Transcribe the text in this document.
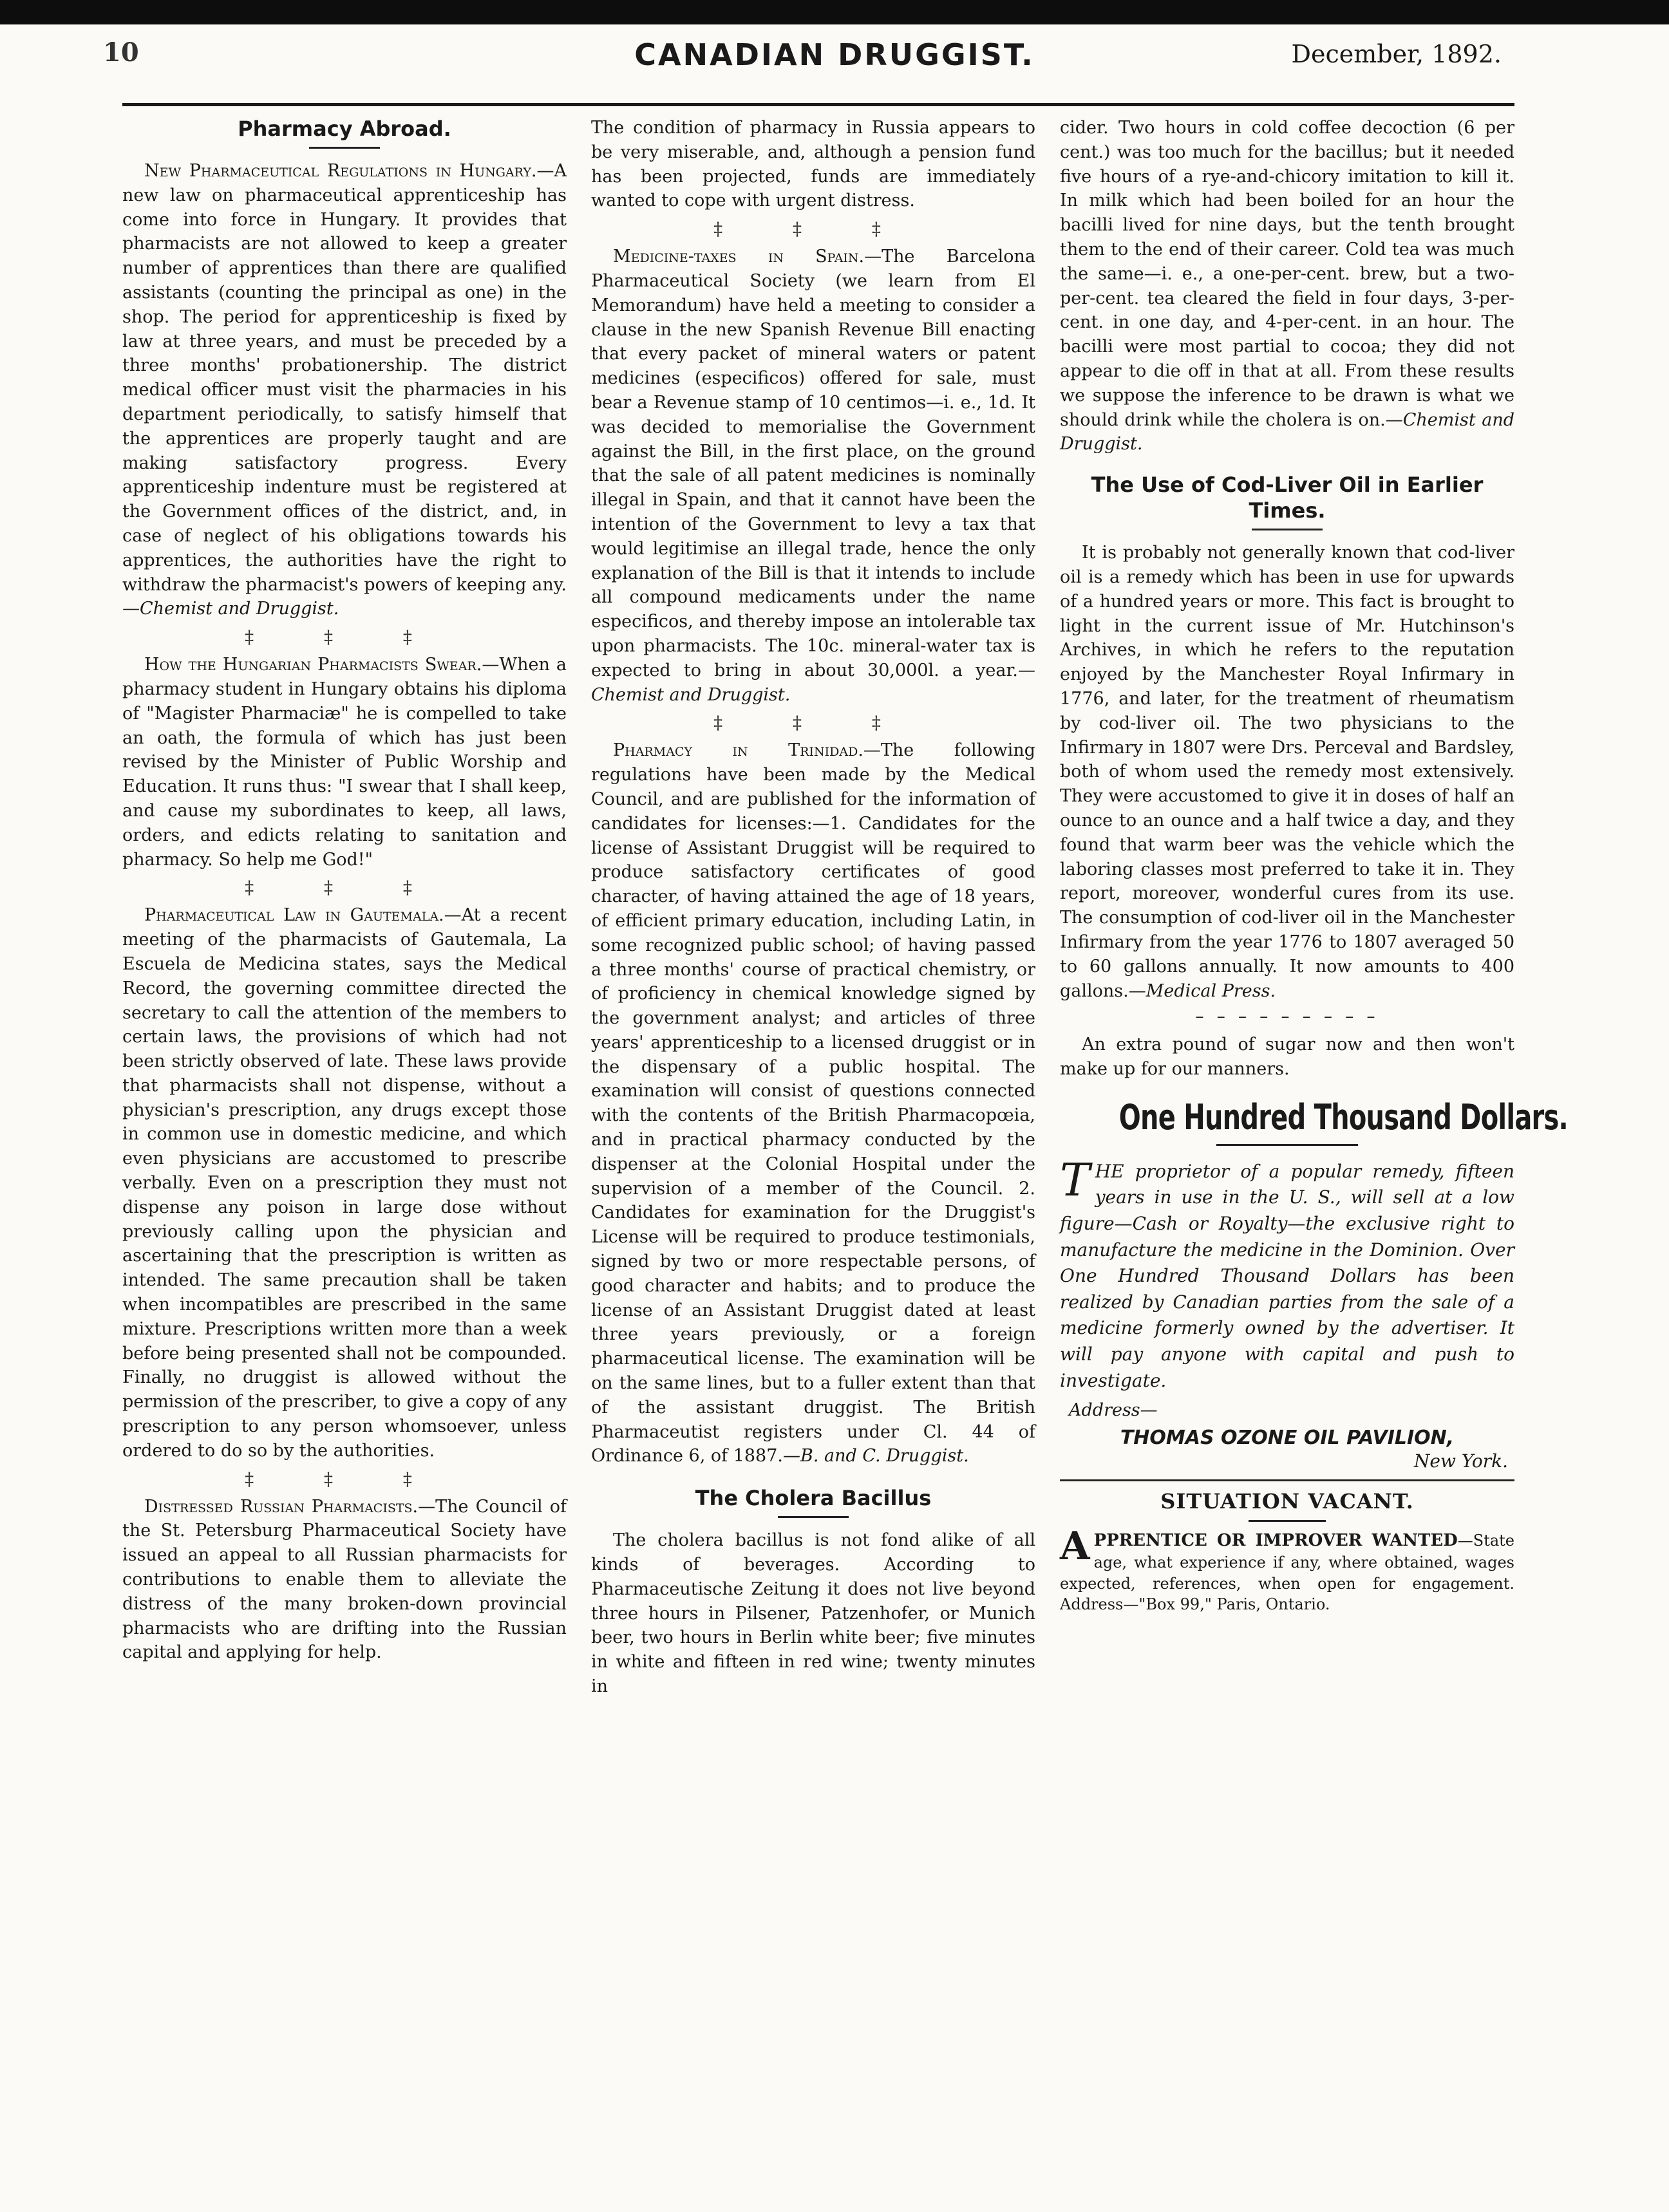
10	CANADIAN DRUGGIST.	December, 1892.
Pharmacy Abroad.

New Pharmaceutical Regulations in Hungary.—A new law on pharmaceutical apprenticeship has come into force in Hungary. It provides that pharmacists are not allowed to keep a greater number of apprentices than there are qualified assistants (counting the principal as one) in the shop. The period for apprenticeship is fixed by law at three years, and must be preceded by a three months' probationership. The district medical officer must visit the pharmacies in his department periodically, to satisfy himself that the apprentices are properly taught and are making satisfactory progress. Every apprenticeship indenture must be registered at the Government offices of the district, and, in case of neglect of his obligations towards his apprentices, the authorities have the right to withdraw the pharmacist's powers of keeping any.—Chemist and Druggist.

‡ ‡ ‡

How the Hungarian Pharmacists Swear.—When a pharmacy student in Hungary obtains his diploma of "Magister Pharmaciæ" he is compelled to take an oath, the formula of which has just been revised by the Minister of Public Worship and Education. It runs thus: "I swear that I shall keep, and cause my subordinates to keep, all laws, orders, and edicts relating to sanitation and pharmacy. So help me God!"

‡ ‡ ‡

Pharmaceutical Law in Gautemala.—At a recent meeting of the pharmacists of Gautemala, La Escuela de Medicina states, says the Medical Record, the governing committee directed the secretary to call the attention of the members to certain laws, the provisions of which had not been strictly observed of late. These laws provide that pharmacists shall not dispense, without a physician's prescription, any drugs except those in common use in domestic medicine, and which even physicians are accustomed to prescribe verbally. Even on a prescription they must not dispense any poison in large dose without previously calling upon the physician and ascertaining that the prescription is written as intended. The same precaution shall be taken when incompatibles are prescribed in the same mixture. Prescriptions written more than a week before being presented shall not be compounded. Finally, no druggist is allowed without the permission of the prescriber, to give a copy of any prescription to any person whomsoever, unless ordered to do so by the authorities.

‡ ‡ ‡

Distressed Russian Pharmacists.—The Council of the St. Petersburg Pharmaceutical Society have issued an appeal to all Russian pharmacists for contributions to enable them to alleviate the distress of the many broken-down provincial pharmacists who are drifting into the Russian capital and applying for help.

The condition of pharmacy in Russia appears to be very miserable, and, although a pension fund has been projected, funds are immediately wanted to cope with urgent distress.

‡ ‡ ‡

Medicine-taxes in Spain.—The Barcelona Pharmaceutical Society (we learn from El Memorandum) have held a meeting to consider a clause in the new Spanish Revenue Bill enacting that every packet of mineral waters or patent medicines (especificos) offered for sale, must bear a Revenue stamp of 10 centimos—i. e., 1d. It was decided to memorialise the Government against the Bill, in the first place, on the ground that the sale of all patent medicines is nominally illegal in Spain, and that it cannot have been the intention of the Government to levy a tax that would legitimise an illegal trade, hence the only explanation of the Bill is that it intends to include all compound medicaments under the name especificos, and thereby impose an intolerable tax upon pharmacists. The 10c. mineral-water tax is expected to bring in about 30,000l. a year.—Chemist and Druggist.

‡ ‡ ‡

Pharmacy in Trinidad.—The following regulations have been made by the Medical Council, and are published for the information of candidates for licenses:—1. Candidates for the license of Assistant Druggist will be required to produce satisfactory certificates of good character, of having attained the age of 18 years, of efficient primary education, including Latin, in some recognized public school; of having passed a three months' course of practical chemistry, or of proficiency in chemical knowledge signed by the government analyst; and articles of three years' apprenticeship to a licensed druggist or in the dispensary of a public hospital. The examination will consist of questions connected with the contents of the British Pharmacopœia, and in practical pharmacy conducted by the dispenser at the Colonial Hospital under the supervision of a member of the Council. 2. Candidates for examination for the Druggist's License will be required to produce testimonials, signed by two or more respectable persons, of good character and habits; and to produce the license of an Assistant Druggist dated at least three years previously, or a foreign pharmaceutical license. The examination will be on the same lines, but to a fuller extent than that of the assistant druggist. The British Pharmaceutist registers under Cl. 44 of Ordinance 6, of 1887.—B. and C. Druggist.

The Cholera Bacillus

The cholera bacillus is not fond alike of all kinds of beverages. According to Pharmaceutische Zeitung it does not live beyond three hours in Pilsener, Patzenhofer, or Munich beer, two hours in Berlin white beer; five minutes in white and fifteen in red wine; twenty minutes in

cider. Two hours in cold coffee decoction (6 per cent.) was too much for the bacillus; but it needed five hours of a rye-and-chicory imitation to kill it. In milk which had been boiled for an hour the bacilli lived for nine days, but the tenth brought them to the end of their career. Cold tea was much the same—i. e., a one-per-cent. brew, but a two-per-cent. tea cleared the field in four days, 3-per-cent. in one day, and 4-per-cent. in an hour. The bacilli were most partial to cocoa; they did not appear to die off in that at all. From these results we suppose the inference to be drawn is what we should drink while the cholera is on.—Chemist and Druggist.

The Use of Cod-Liver Oil in Earlier Times.

It is probably not generally known that cod-liver oil is a remedy which has been in use for upwards of a hundred years or more. This fact is brought to light in the current issue of Mr. Hutchinson's Archives, in which he refers to the reputation enjoyed by the Manchester Royal Infirmary in 1776, and later, for the treatment of rheumatism by cod-liver oil. The two physicians to the Infirmary in 1807 were Drs. Perceval and Bardsley, both of whom used the remedy most extensively. They were accustomed to give it in doses of half an ounce to an ounce and a half twice a day, and they found that warm beer was the vehicle which the laboring classes most preferred to take it in. They report, moreover, wonderful cures from its use. The consumption of cod-liver oil in the Manchester Infirmary from the year 1776 to 1807 averaged 50 to 60 gallons annually. It now amounts to 400 gallons.—Medical Press.

– – – – – – – – –

An extra pound of sugar now and then won't make up for our manners.

One Hundred Thousand Dollars.
THE proprietor of a popular remedy, fifteen years in use in the U. S., will sell at a low figure—Cash or Royalty—the exclusive right to manufacture the medicine in the Dominion. Over One Hundred Thousand Dollars has been realized by Canadian parties from the sale of a medicine formerly owned by the advertiser. It will pay anyone with capital and push to investigate.
Address—
THOMAS OZONE OIL PAVILION,
New York.
SITUATION VACANT.
APPRENTICE OR IMPROVER WANTED—State age, what experience if any, where obtained, wages expected, references, when open for engagement. Address—"Box 99," Paris, Ontario.
